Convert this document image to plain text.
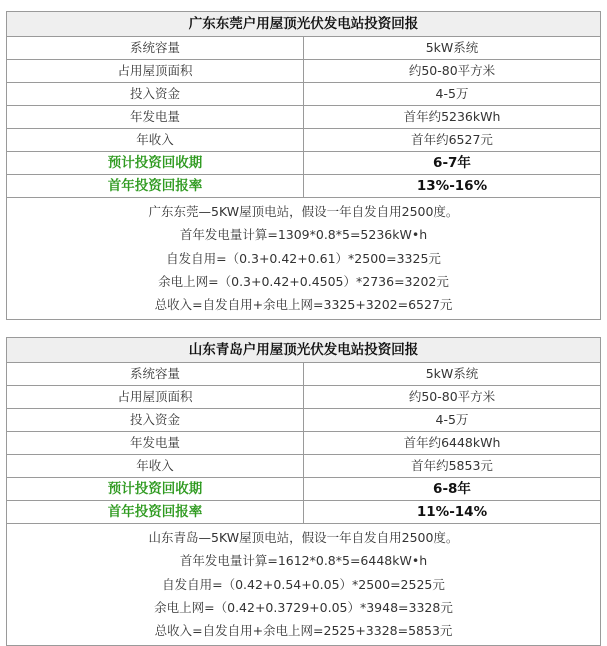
广东东莞户用屋顶光伏发电站投资回报	
系统容量	5kW系统
占用屋顶面积	约50-80平方米
投入资金	4-5万
年发电量	首年约5236kWh
年收入	首年约6527元
预计投资回收期	6-7年
首年投资回报率	13%-16%

广东东莞—5KW屋顶电站，假设一年自发自用2500度。
首年发电量计算=1309*0.8*5=5236kW•h
自发自用=（0.3+0.42+0.61）*2500=3325元
余电上网=（0.3+0.42+0.4505）*2736=3202元
总收入=自发自用+余电上网=3325+3202=6527元	
山东青岛户用屋顶光伏发电站投资回报	
系统容量	5kW系统
占用屋顶面积	约50-80平方米
投入资金	4-5万
年发电量	首年约6448kWh
年收入	首年约5853元
预计投资回收期	6-8年
首年投资回报率	11%-14%

山东青岛—5KW屋顶电站，假设一年自发自用2500度。
首年发电量计算=1612*0.8*5=6448kW•h
自发自用=（0.42+0.54+0.05）*2500=2525元
余电上网=（0.42+0.3729+0.05）*3948=3328元
总收入=自发自用+余电上网=2525+3328=5853元	
